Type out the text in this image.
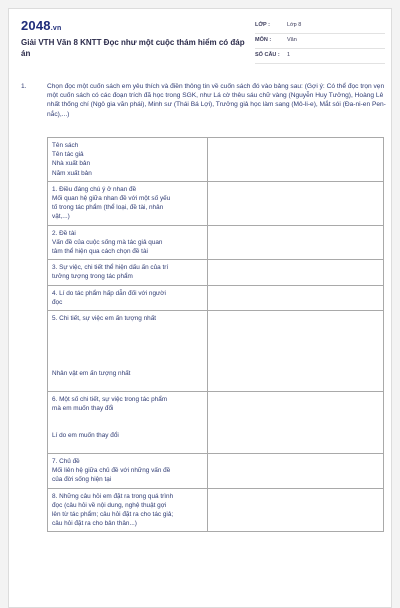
2048.vn
Giải VTH Văn 8 KNTT Đọc như một cuộc thám hiểm có đáp án
LỚP :	Lớp 8
MÔN :	Văn
SỐ CÂU : 1
1.	Chọn đọc một cuốn sách em yêu thích và điền thông tin về cuốn sách đó vào bảng sau: (Gợi ý: Có thể đọc trọn vẹn một cuốn sách có các đoạn trích đã học trong SGK, như Lá cờ thêu sáu chữ vàng (Nguyễn Huy Tưởng), Hoàng Lê nhất thống chí (Ngô gia văn phái), Minh sư (Thái Bá Lợi), Trưởng giả học làm sang (Mô-li-e), Mắt sói (Đa-ni-en Pen-nắc),...)
Tên sách
Tên tác giả
Nhà xuất bản
Năm xuất bản	

1. Điều đáng chú ý ở nhan đề
Mối quan hệ giữa nhan đề với một số yếu
tố trong tác phẩm (thể loại, đề tài, nhân
vật,...)	

2. Đề tài
Vấn đề của cuộc sống mà tác giả quan
tâm thể hiện qua cách chọn đề tài	

3. Sự việc, chi tiết thể hiện dấu ấn của trí
tưởng tượng trong tác phẩm	

4. Lí do tác phẩm hấp dẫn đối với người
đọc	

5. Chi tiết, sự việc em ấn tượng nhất

Nhân vật em ấn tượng nhất	

6. Một số chi tiết, sự việc trong tác phẩm
mà em muốn thay đổi

Lí do em muốn thay đổi	

7. Chủ đề
Mối liên hệ giữa chủ đề với những vấn đề
của đời sống hiện tại	

8. Những câu hỏi em đặt ra trong quá trình
đọc (câu hỏi về nội dung, nghệ thuật gợi
lên từ tác phẩm; câu hỏi đặt ra cho tác giả;
câu hỏi đặt ra cho bản thân...)	
